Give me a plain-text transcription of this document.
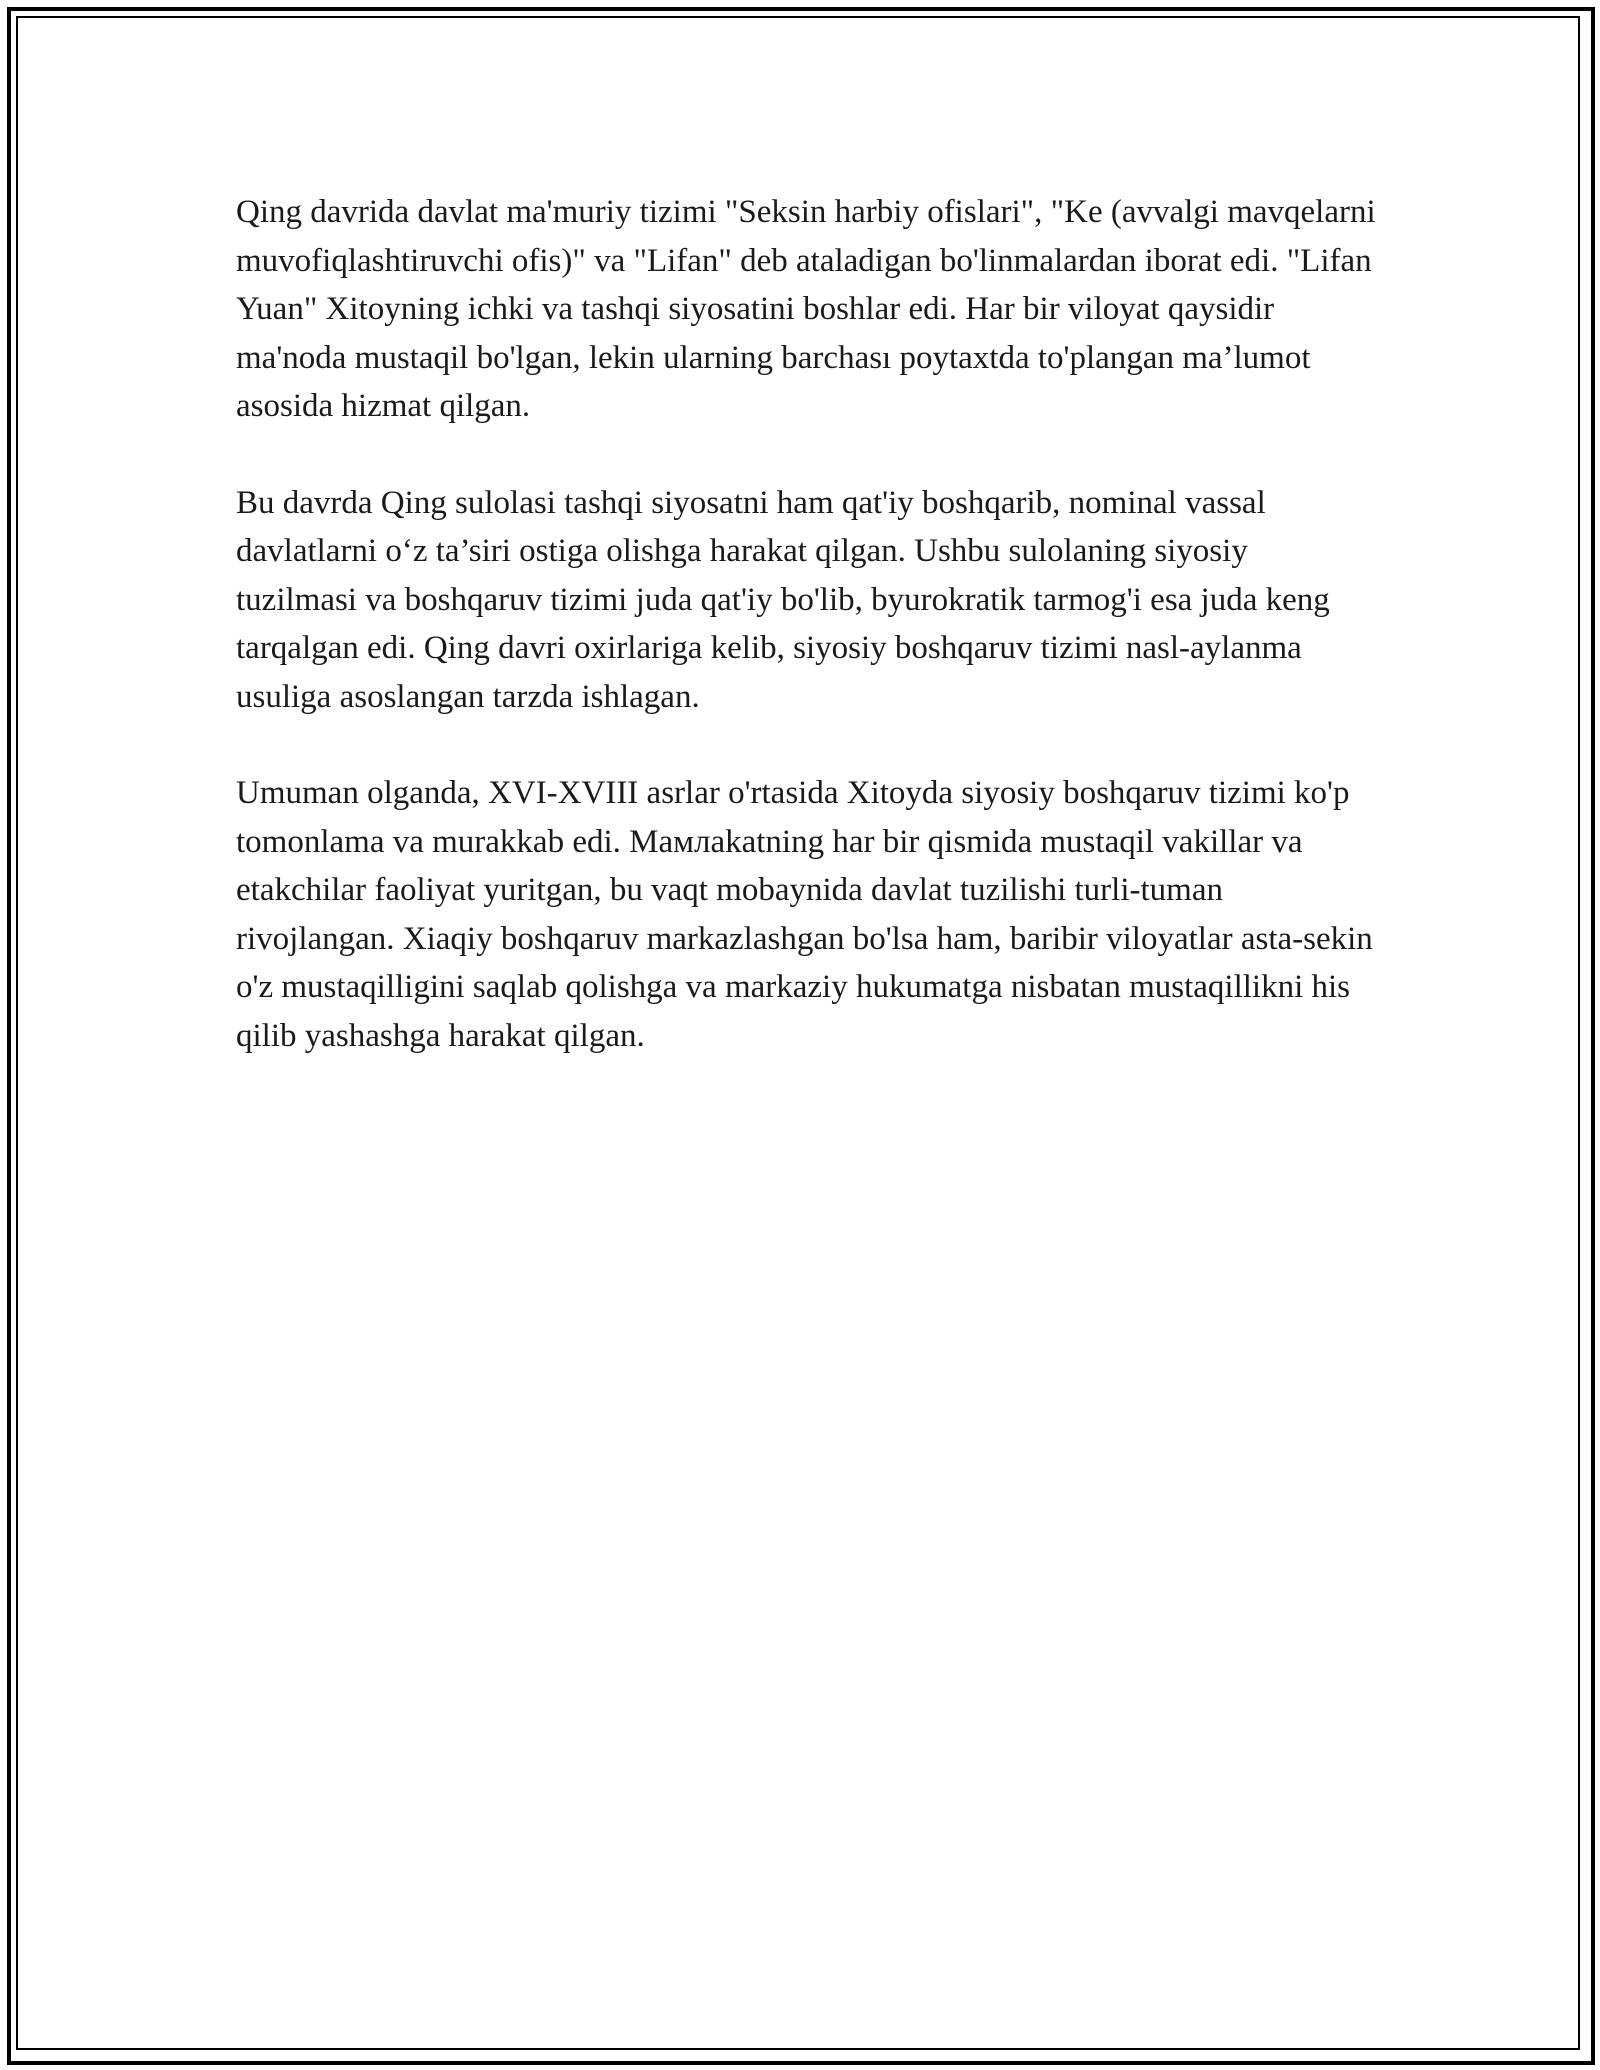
Qing davrida davlat ma'muriy tizimi "Seksin harbiy ofislari", "Ke (avvalgi mavqelarni muvofiqlashtiruvchi ofis)" va "Lifan" deb ataladigan bo'linmalardan iborat edi. "Lifan Yuan" Xitoyning ichki va tashqi siyosatini boshlar edi. Har bir viloyat qaysidir ma'noda mustaqil bo'lgan, lekin ularning barchası poytaxtda to'plangan ma’lumot asosida hizmat qilgan.

Bu davrda Qing sulolasi tashqi siyosatni ham qat'iy boshqarib, nominal vassal davlatlarni o‘z ta’siri ostiga olishga harakat qilgan. Ushbu sulolaning siyosiy tuzilmasi va boshqaruv tizimi juda qat'iy bo'lib, byurokratik tarmog'i esa juda keng tarqalgan edi. Qing davri oxirlariga kelib, siyosiy boshqaruv tizimi nasl-aylanma usuliga asoslangan tarzda ishlagan.

Umuman olganda, XVI-XVIII asrlar o'rtasida Xitoyda siyosiy boshqaruv tizimi ko'p tomonlama va murakkab edi. Мамлakatning har bir qismida mustaqil vakillar va etakchilar faoliyat yuritgan, bu vaqt mobaynida davlat tuzilishi turli-tuman rivojlangan. Xiaqiy boshqaruv markazlashgan bo'lsa ham, baribir viloyatlar asta-sekin o'z mustaqilligini saqlab qolishga va markaziy hukumatga nisbatan mustaqillikni his qilib yashashga harakat qilgan.
